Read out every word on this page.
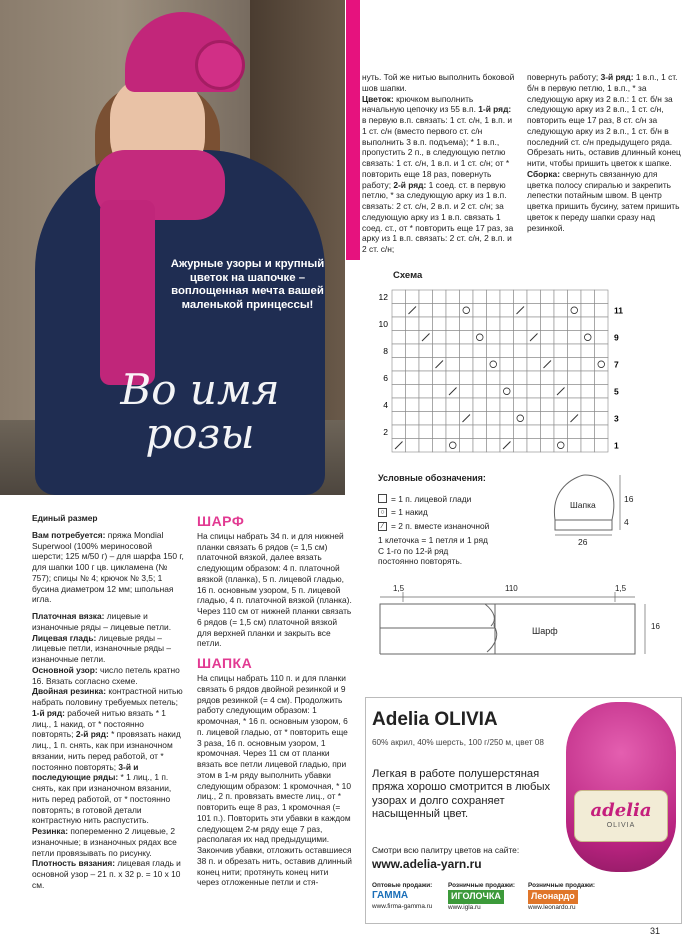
Ажурные узоры и крупный цветок на шапочке – воплощенная мечта вашей маленькой принцессы!
Во имя
розы

нуть. Той же нитью выполнить боковой шов шапки.

Цветок: крючком выполнить начальную цепочку из 55 в.п. 1-й ряд: в первую в.п. связать: 1 ст. с/н, 1 в.п. и 1 ст. с/н (вместо первого ст. с/н выполнить 3 в.п. подъема); * 1 в.п., пропустить 2 п., в следующую петлю связать: 1 ст. с/н, 1 в.п. и 1 ст. с/н; от * повторить еще 18 раз, повернуть работу; 2-й ряд: 1 соед. ст. в первую петлю, * за следующую арку из 1 в.п. связать: 2 ст. с/н, 2 в.п. и 2 ст. с/н; за следующую арку из 1 в.п. связать 1 соед. ст., от * повторить еще 17 раз, за арку из 1 в.п. связать: 2 ст. с/н, 2 в.п. и 2 ст. с/н;

повернуть работу; 3-й ряд: 1 в.п., 1 ст. б/н в первую петлю, 1 в.п., * за следующую арку из 2 в.п.: 1 ст. б/н за следующую арку из 2 в.п., 1 ст. с/н, повторить еще 17 раз, 8 ст. с/н за следующую арку из 2 в.п., 1 ст. б/н в последний ст. с/н предыдущего ряда. Обрезать нить, оставив длинный конец нити, чтобы пришить цветок к шапке.

Сборка: свернуть связанную для цветка полосу спиралью и закрепить лепестки потайным швом. В центр цветка пришить бусину, затем пришить цветок к переду шапки сразу над резинкой.

Схема
12
10
8
6
4
2
11
9
7
5
3
1

Условные обозначения:

= 1 п. лицевой глади
○ = 1 накид
⁄ = 2 п. вместе изнаночной

1 клеточка = 1 петля и 1 ряд

С 1-го по 12-й ряд постоянно повторять.

Шапка
16
4
26
1,5	110	1,5
Шарф	16

Единый размер

Вам потребуется: пряжа Mondial Superwool (100% мериносовой шерсти; 125 м/50 г) – для шарфа 150 г, для шапки 100 г цв. цикламена (№ 757); спицы № 4; крючок № 3,5; 1 бусина диаметром 12 мм; шпольная игла.

Платочная вязка: лицевые и изнаночные ряды – лицевые петли.

Лицевая гладь: лицевые ряды – лицевые петли, изнаночные ряды – изнаночные петли.

Основной узор: число петель кратно 16. Вязать согласно схеме.

Двойная резинка: контрастной нитью набрать половину требуемых петель; 1-й ряд: рабочей нитью вязать * 1 лиц., 1 накид, от * постоянно повторять; 2-й ряд: * провязать накид лиц., 1 п. снять, как при изнаночном вязании, нить перед работой, от * постоянно повторять; 3-й и последующие ряды: * 1 лиц., 1 п. снять, как при изнаночном вязании, нить перед работой, от * постоянно повторять; в готовой детали контрастную нить распустить.

Резинка: попеременно 2 лицевые, 2 изнаночные; в изнаночных рядах все петли провязывать по рисунку.

Плотность вязания: лицевая гладь и основной узор – 21 п. x 32 р. = 10 x 10 см.

ШАРФ

На спицы набрать 34 п. и для нижней планки связать 6 рядов (= 1,5 см) платочной вязкой, далее вязать следующим образом: 4 п. платочной вязкой (планка), 5 п. лицевой гладью, 16 п. основным узором, 5 п. лицевой гладью, 4 п. платочной вязкой (планка). Через 110 см от нижней планки связать 6 рядов (= 1,5 см) платочной вязкой для верхней планки и закрыть все петли.

ШАПКА

На спицы набрать 110 п. и для планки связать 6 рядов двойной резинкой и 9 рядов резинкой (= 4 см). Продолжить работу следующим образом: 1 кромочная, * 16 п. основным узором, 6 п. лицевой гладью, от * повторить еще 3 раза, 16 п. основным узором, 1 кромочная. Через 11 см от планки вязать все петли лицевой гладью, при этом в 1-м ряду выполнить убавки следующим образом: 1 кромочная, * 10 лиц., 2 п. провязать вместе лиц., от * повторить еще 8 раз, 1 кромочная (= 101 п.). Повторить эти убавки в каждом следующем 2-м ряду еще 7 раз, располагая их над предыдущими. Закончив убавки, отложить оставшиеся 38 п. и обрезать нить, оставив длинный конец нити; протянуть конец нити через отложенные петли и стя-

Adelia OLIVIA
60% акрил, 40% шерсть, 100 г/250 м, цвет 08
Легкая в работе полушерстяная пряжа хорошо смотрится в любых узорах и долго сохраняет насыщенный цвет.
Смотри всю палитру цветов на сайте:
www.adelia-yarn.ru
adelia
OLIVIA
Оптовые продажи:
ГАММА
www.firma-gamma.ru
Розничные продажи:
ИГОЛОЧКА
www.igla.ru
Розничные продажи:
Леонардо
www.leonardo.ru
31
